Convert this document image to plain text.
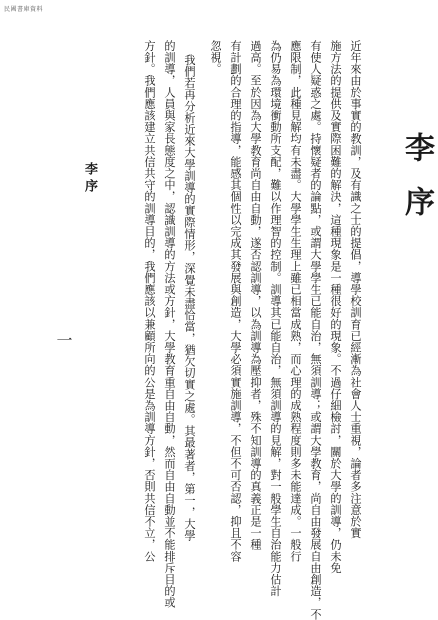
民國書庫資料
李序
近年來由於事實的教訓，及有識之士的提倡，導學校訓育已經漸為社會人士重視，論者多注意於實
施方法的提供及實際困難的解決，這種現象是一種很好的現象。不過仔細檢討，關於大學的訓導，仍未免
有使人疑惑之處。持懷疑者的論點，或謂大學學生已能自治，無須訓導；或謂大學教育，尚自由發展自由創造，不
應限制，此種見解均有未盡。大學學生生理上雖已相當成熟，而心理的成熟程度則多未能達成。一般行
為仍易為環境衝動所支配，難以作理智的控制。訓導其已能自治，無須訓導的見解，對一般學生自治能力估計
過高。至於因為大學教育尚自由自動，遂否認訓導，以為訓導為壓抑者，殊不知訓導的真義正是一種
有計劃的合理的指導，能感其個性以完成其發展與創造，大學必須實施訓導，不但不可否認，抑且不容
忽視。
我們若再分析近來大學訓導的實際情形，深覺未盡恰當，猶欠切實之處。其最著者，第一，大學
的訓導，人員與家長態度之中，認識訓導的方法或方針，大學教育重自由自動，然而自由自動並不能排斥目的或
方針。我們應該建立共信共守的訓導目的，我們應該以兼顧所向的公是為訓導方針，否則共信不立，公
李序
一
